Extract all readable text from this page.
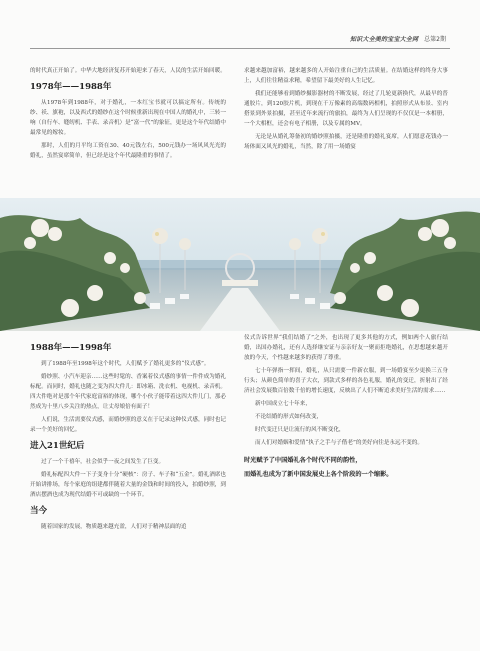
知识大全美的宝宝大全网 总第2期

的时代真正开始了。中华大地经济复苏开始迎来了春天，人民的生活开始回暖。

1978年——1988年

从1978年到1988年，对于婚礼，一本红宝书就可以搞定所有。传统的纱、袄、旗袍，以及西式的婚纱在这个时候重新出现在中国人的婚礼中，三转一响（自行车、缝纫机、手表、录音机）是“富一代”的象征，更是这个年代结婚中最常见的嫁妆。

那时，人们的月平均工资在30、40元钱左右，500元钱办一场风风光光的婚礼，虽然宴席简单，但已经是这个年代最隆重的事情了。

求越来越加富裕，越来越多的人开始注重自己的生活质量。在结婚这样的终身大事上，人们往往精益求精，希望留下最美好的人生记忆。

我们还能够看到婚纱摄影器材的不断发展，经过了几轮更新换代，从最早的普通胶片，到120胶片机，到现在千万像素的高端数码相机，拍照形式从布景、室内搭景到外景拍摄，甚至近年来流行的旅拍，最终为人们呈现的不仅仅是一本相册，一个大相框，还会有电子相册，以及专属的MV。

无论是从婚礼筹备初的婚纱照拍摄，还是隆重的婚礼宴席，人们愿意花钱办一场体面又风光的婚礼，当然，除了用一场婚宴

1988年——1998年

到了1988年至1998年这个时代，人们赋予了婚礼更多的“仪式感”。

婚纱照、小汽车迎亲……这些时髦的、香案着仪式感的事情一件件成为婚礼标配。而同时，婚礼也随之变为四大件儿：即冰箱、洗衣机、电视机、录音机。四大件绝对是那个年代家庭富裕的体现，哪个小伙子能带着这四大件儿门，那必然成为十里八乡关注的热点，让丈母娘倍有面子！

人们说，生活需要仪式感，而婚纱照的意义在于记录这种仪式感，同时也记录一个美好的回忆。

进入21世纪后

过了一个千禧年，社会似乎一夜之间发生了巨变。

婚礼标配四大件一下子变身十分“硬核”：房子、车子和“五金”。婚礼酒席也开始讲排场，每个家庭的组建都伴随着大量的金钱和时间的投入，拍婚纱照，到酒店摆酒也成为现代结婚不可或缺的一个环节。

当今

随着国家的发展，物质越来越充盈，人们对于精神层面的追

仪式告诉世界“我们结婚了”之外，也出现了更多其他的方式，例如两个人旅行结婚，出国办婚礼，还有人选择继安证与亲亲好友一聚而拒绝婚礼，在思想越来越开放的今天，个性越来越多的获得了尊重。

七十年弹指一挥间，婚礼，从只需要一件新衣服，到一场婚宴至少更换三五身行头；从颜色简单的喜子大衣，到款式多样的各色礼服，婚礼的变迁，折射出了经济社会发展数百倍数千倍的增长速度，反映出了人们不断追求美好生活的需求……

新中国成立七十年来，

不论结婚的形式如何改变，

时代变迁只是让流行的风不断变化，

而人们对婚姻和爱情“执子之手与子偕老”的美好向往是永远不变的。

时光赋予了中国婚礼各个时代不同的韵性，

而婚礼也成为了新中国发展史上各个阶段的一个缩影。
